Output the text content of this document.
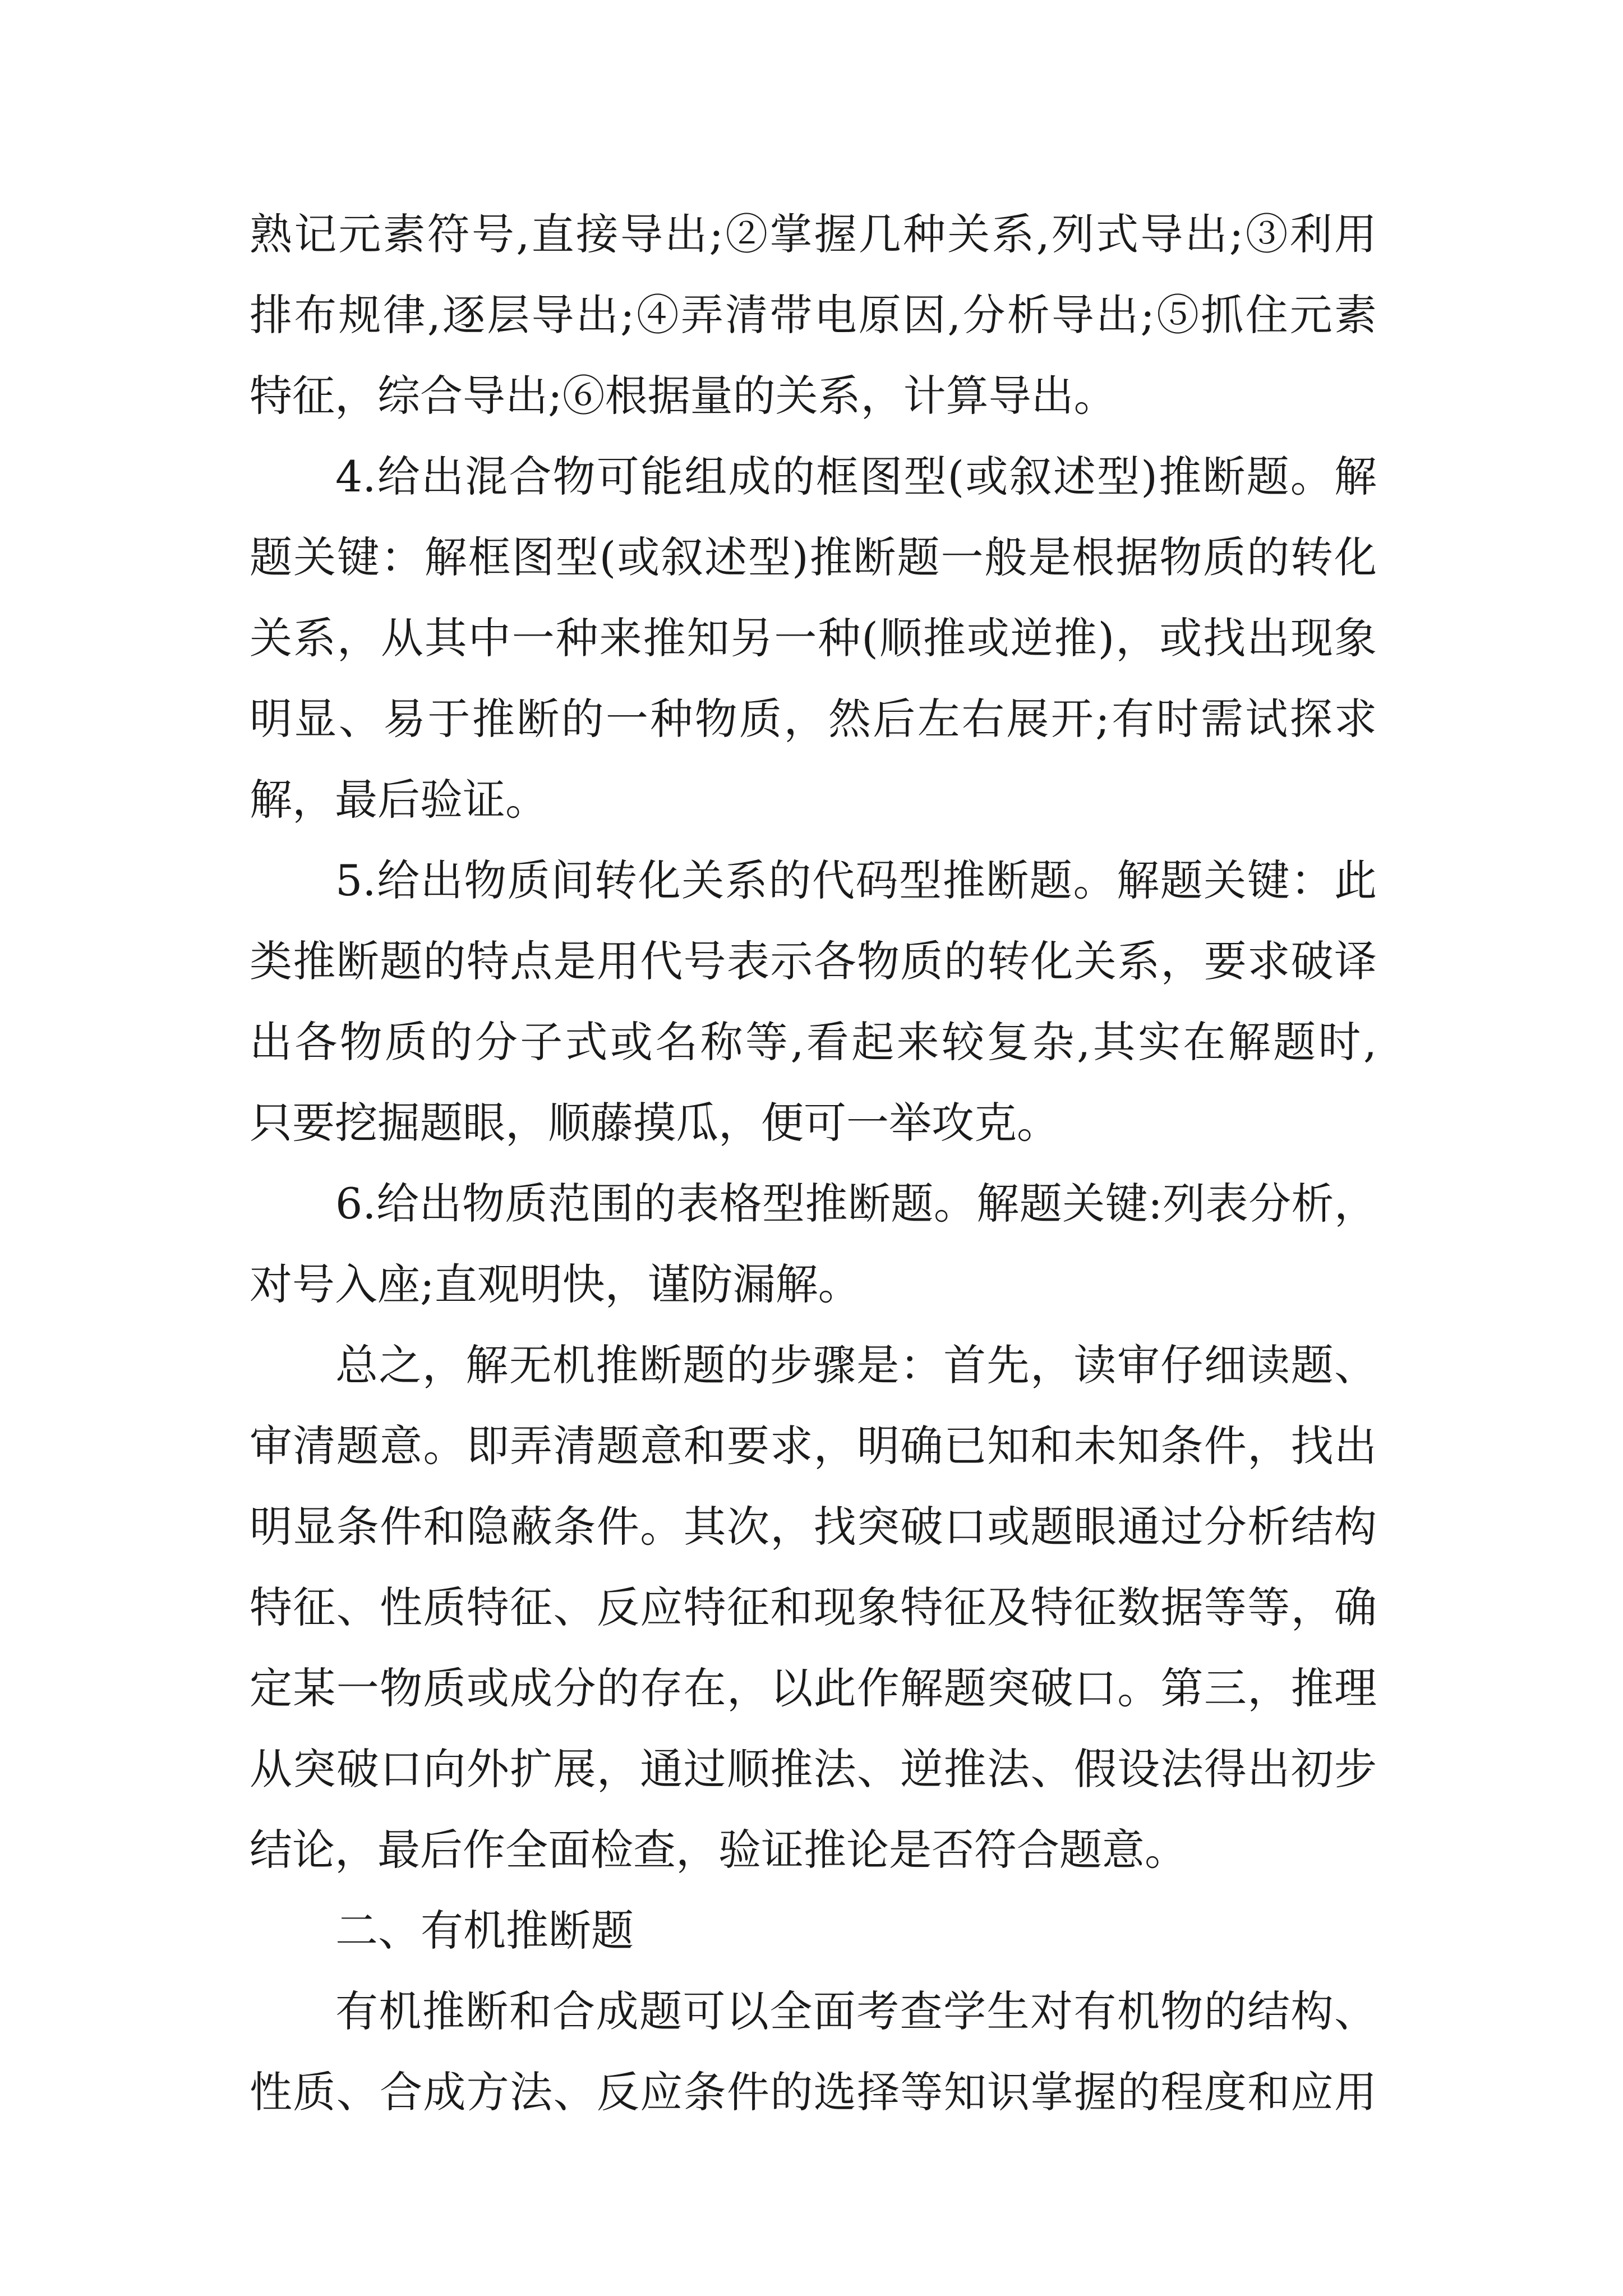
熟记元素符号,直接导出;②掌握几种关系,列式导出;③利用
排布规律,逐层导出;④弄清带电原因,分析导出;⑤抓住元素
特征，综合导出;⑥根据量的关系，计算导出。
4.给出混合物可能组成的框图型(或叙述型)推断题。解
题关键：解框图型(或叙述型)推断题一般是根据物质的转化
关系，从其中一种来推知另一种(顺推或逆推)，或找出现象
明显、易于推断的一种物质，然后左右展开;有时需试探求
解，最后验证。
5.给出物质间转化关系的代码型推断题。解题关键：此
类推断题的特点是用代号表示各物质的转化关系，要求破译
出各物质的分子式或名称等,看起来较复杂,其实在解题时,
只要挖掘题眼，顺藤摸瓜，便可一举攻克。
6.给出物质范围的表格型推断题。解题关键:列表分析，
对号入座;直观明快，谨防漏解。
总之，解无机推断题的步骤是：首先，读审仔细读题、
审清题意。即弄清题意和要求，明确已知和未知条件，找出
明显条件和隐蔽条件。其次，找突破口或题眼通过分析结构
特征、性质特征、反应特征和现象特征及特征数据等等，确
定某一物质或成分的存在，以此作解题突破口。第三，推理
从突破口向外扩展，通过顺推法、逆推法、假设法得出初步
结论，最后作全面检查，验证推论是否符合题意。
二、有机推断题
有机推断和合成题可以全面考查学生对有机物的结构、
性质、合成方法、反应条件的选择等知识掌握的程度和应用
